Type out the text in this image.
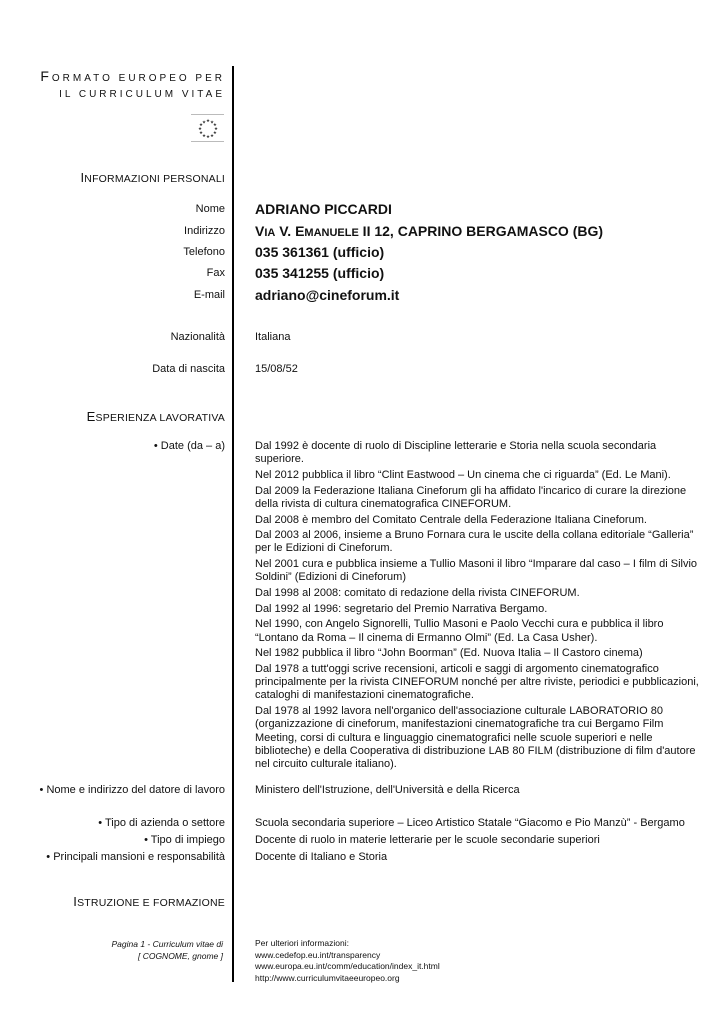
FORMATO EUROPEO PER
IL CURRICULUM VITAE
★ ★
★
★
★
★
★
★
★
★
★
★
INFORMAZIONI PERSONALI
Nome ADRIANO PICCARDI
Indirizzo VIA V. EMANUELE II 12, CAPRINO BERGAMASCO (BG)
Telefono 035 361361 (ufficio)
Fax 035 341255 (ufficio)
E-mail adriano@cineforum.it
Nazionalità	Italiana
Data di nascita	15/08/52
ESPERIENZA LAVORATIVA
• Date (da – a)	Dal 1992 è docente di ruolo di Discipline letterarie e Storia nella scuola secondaria superiore.

Nel 2012 pubblica il libro “Clint Eastwood – Un cinema che ci riguarda” (Ed. Le Mani).

Dal 2009 la Federazione Italiana Cineforum gli ha affidato l'incarico di curare la direzione della rivista di cultura cinematografica CINEFORUM.

Dal 2008 è membro del Comitato Centrale della Federazione Italiana Cineforum.

Dal 2003 al 2006, insieme a Bruno Fornara cura le uscite della collana editoriale “Galleria” per le Edizioni di Cineforum.

Nel 2001 cura e pubblica insieme a Tullio Masoni il libro “Imparare dal caso – I film di Silvio Soldini” (Edizioni di Cineforum)

Dal 1998 al 2008: comitato di redazione della rivista CINEFORUM.

Dal 1992 al 1996: segretario del Premio Narrativa Bergamo.

Nel 1990, con Angelo Signorelli, Tullio Masoni e Paolo Vecchi cura e pubblica il libro “Lontano da Roma – Il cinema di Ermanno Olmi” (Ed. La Casa Usher).

Nel 1982 pubblica il libro “John Boorman” (Ed. Nuova Italia – Il Castoro cinema)

Dal 1978 a tutt'oggi scrive recensioni, articoli e saggi di argomento cinematografico principalmente per la rivista CINEFORUM nonché per altre riviste, periodici e pubblicazioni, cataloghi di manifestazioni cinematografiche.

Dal 1978 al 1992 lavora nell'organico dell'associazione culturale LABORATORIO 80 (organizzazione di cineforum, manifestazioni cinematografiche tra cui Bergamo Film Meeting, corsi di cultura e linguaggio cinematografici nelle scuole superiori e nelle biblioteche) e della Cooperativa di distribuzione LAB 80 FILM (distribuzione di film d'autore nel circuito culturale italiano).

• Nome e indirizzo del datore di lavoro	Ministero dell'Istruzione, dell'Università e della Ricerca
• Tipo di azienda o settore	Scuola secondaria superiore – Liceo Artistico Statale “Giacomo e Pio Manzù” - Bergamo
• Tipo di impiego	Docente di ruolo in materie letterarie per le scuole secondarie superiori
• Principali mansioni e responsabilità	Docente di Italiano e Storia
ISTRUZIONE E FORMAZIONE
Pagina 1 - Curriculum vitae di
[ COGNOME, gnome ]
Per ulteriori informazioni:
www.cedefop.eu.int/transparency
www.europa.eu.int/comm/education/index_it.html
http://www.curriculumvitaeeuropeo.org
